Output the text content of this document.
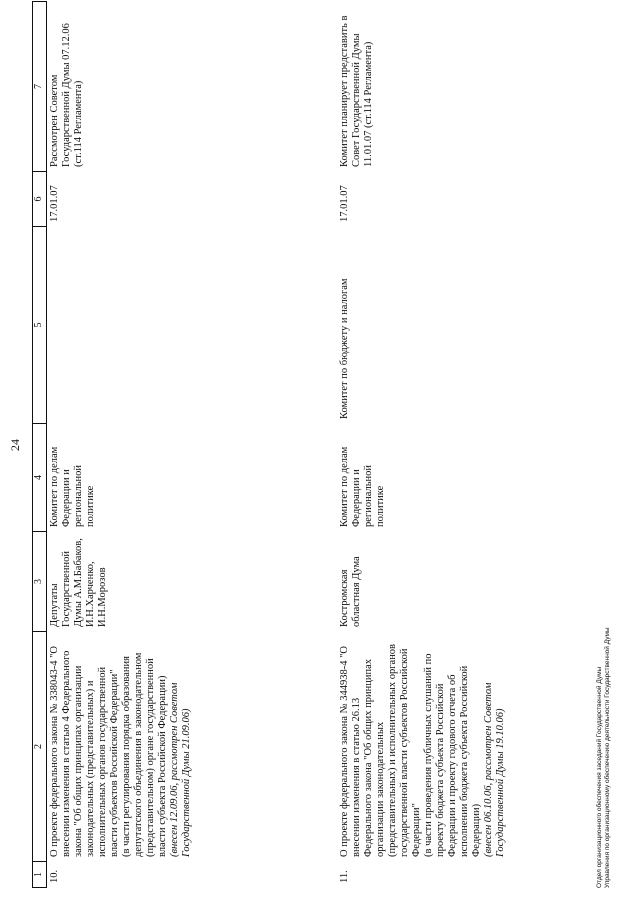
24
1	2	3	4	5	6	7
10.	О проекте федерального закона № 338043-4 "О внесении изменения в статью 4 Федерального закона "Об общих принципах организации законодательных (представительных) и исполнительных органов государственной власти субъектов Российской Федерации" (в части регулирования порядка образования депутатского объединения в законодательном (представительном) органе государственной власти субъекта Российской Федерации) (внесен 12.09.06, рассмотрен Советом Государственной Думы 21.09.06)	Депутаты Государственной Думы А.М.Бабаков, И.Н.Харченко, И.Н.Морозов	Комитет по делам Федерации и региональной политике		17.01.07	Рассмотрен Советом Государственной Думы 07.12.06 (ст.114 Регламента)
11.	О проекте федерального закона № 344938-4 "О внесении изменения в статью 26.13 Федерального закона "Об общих принципах организации законодательных (представительных) и исполнительных органов государственной власти субъектов Российской Федерации" (в части проведения публичных слушаний по проекту бюджета субъекта Российской Федерации и проекту годового отчета об исполнении бюджета субъекта Российской Федерации) (внесен 06.10.06, рассмотрен Советом Государственной Думы 19.10.06)	Костромская областная Дума	Комитет по делам Федерации и региональной политике	Комитет по бюджету и налогам	17.01.07	Комитет планирует представить в Совет Государственной Думы 11.01.07 (ст.114 Регламента)
Отдел организационного обеспечения заседаний Государственной Думы Управления по организационному обеспечению деятельности Государственной Думы
